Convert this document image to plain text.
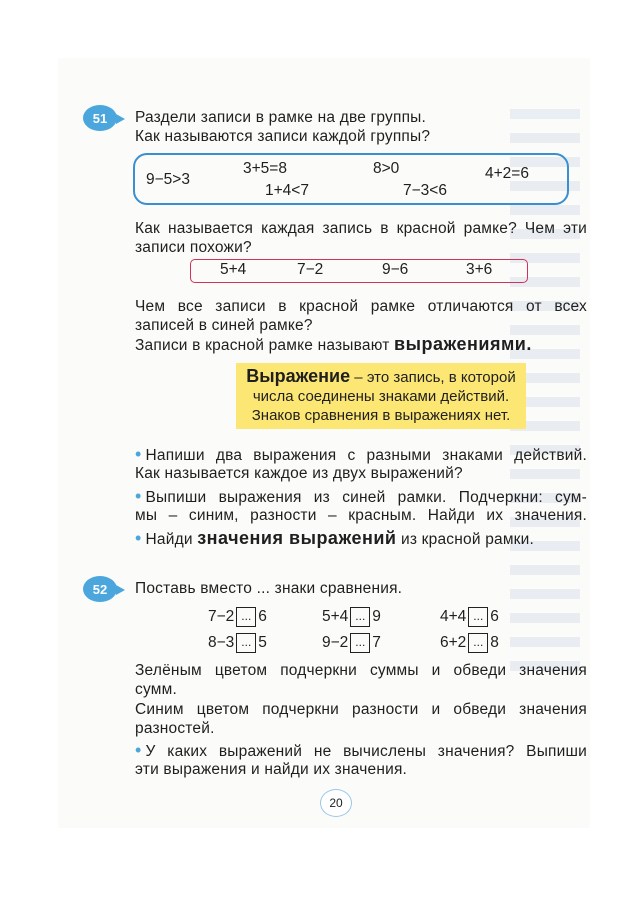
51	Раздели записи в рамке на две группы.
Как называются записи каждой группы?
9−5>3
3+5=8
1+4<7
8>0
7−3<6
4+2=6
Как называется каждая запись в красной рамке? Чем эти
записи похожи?
5+4	7−2	9−6	3+6
Чем все записи в красной рамке отличаются от всех
записей в синей рамке?
Записи в красной рамке называют выражениями.
Выражение – это запись, в которой
числа соединены знаками действий.
Знаков сравнения в выражениях нет.
• Напиши два выражения с разными знаками действий.
Как называется каждое из двух выражений?
• Выпиши выражения из синей рамки. Подчеркни: сум-
мы – синим, разности – красным. Найди их значения.
• Найди значения выражений из красной рамки.
52	Поставь вместо ... знаки сравнения.
7−2 ... 6	5+4 ... 9	4+4 ... 6
8−3 ... 5	9−2 ... 7	6+2 ... 8
Зелёным цветом подчеркни суммы и обведи значения
сумм.
Синим цветом подчеркни разности и обведи значения
разностей.
• У каких выражений не вычислены значения? Выпиши
эти выражения и найди их значения.
20
